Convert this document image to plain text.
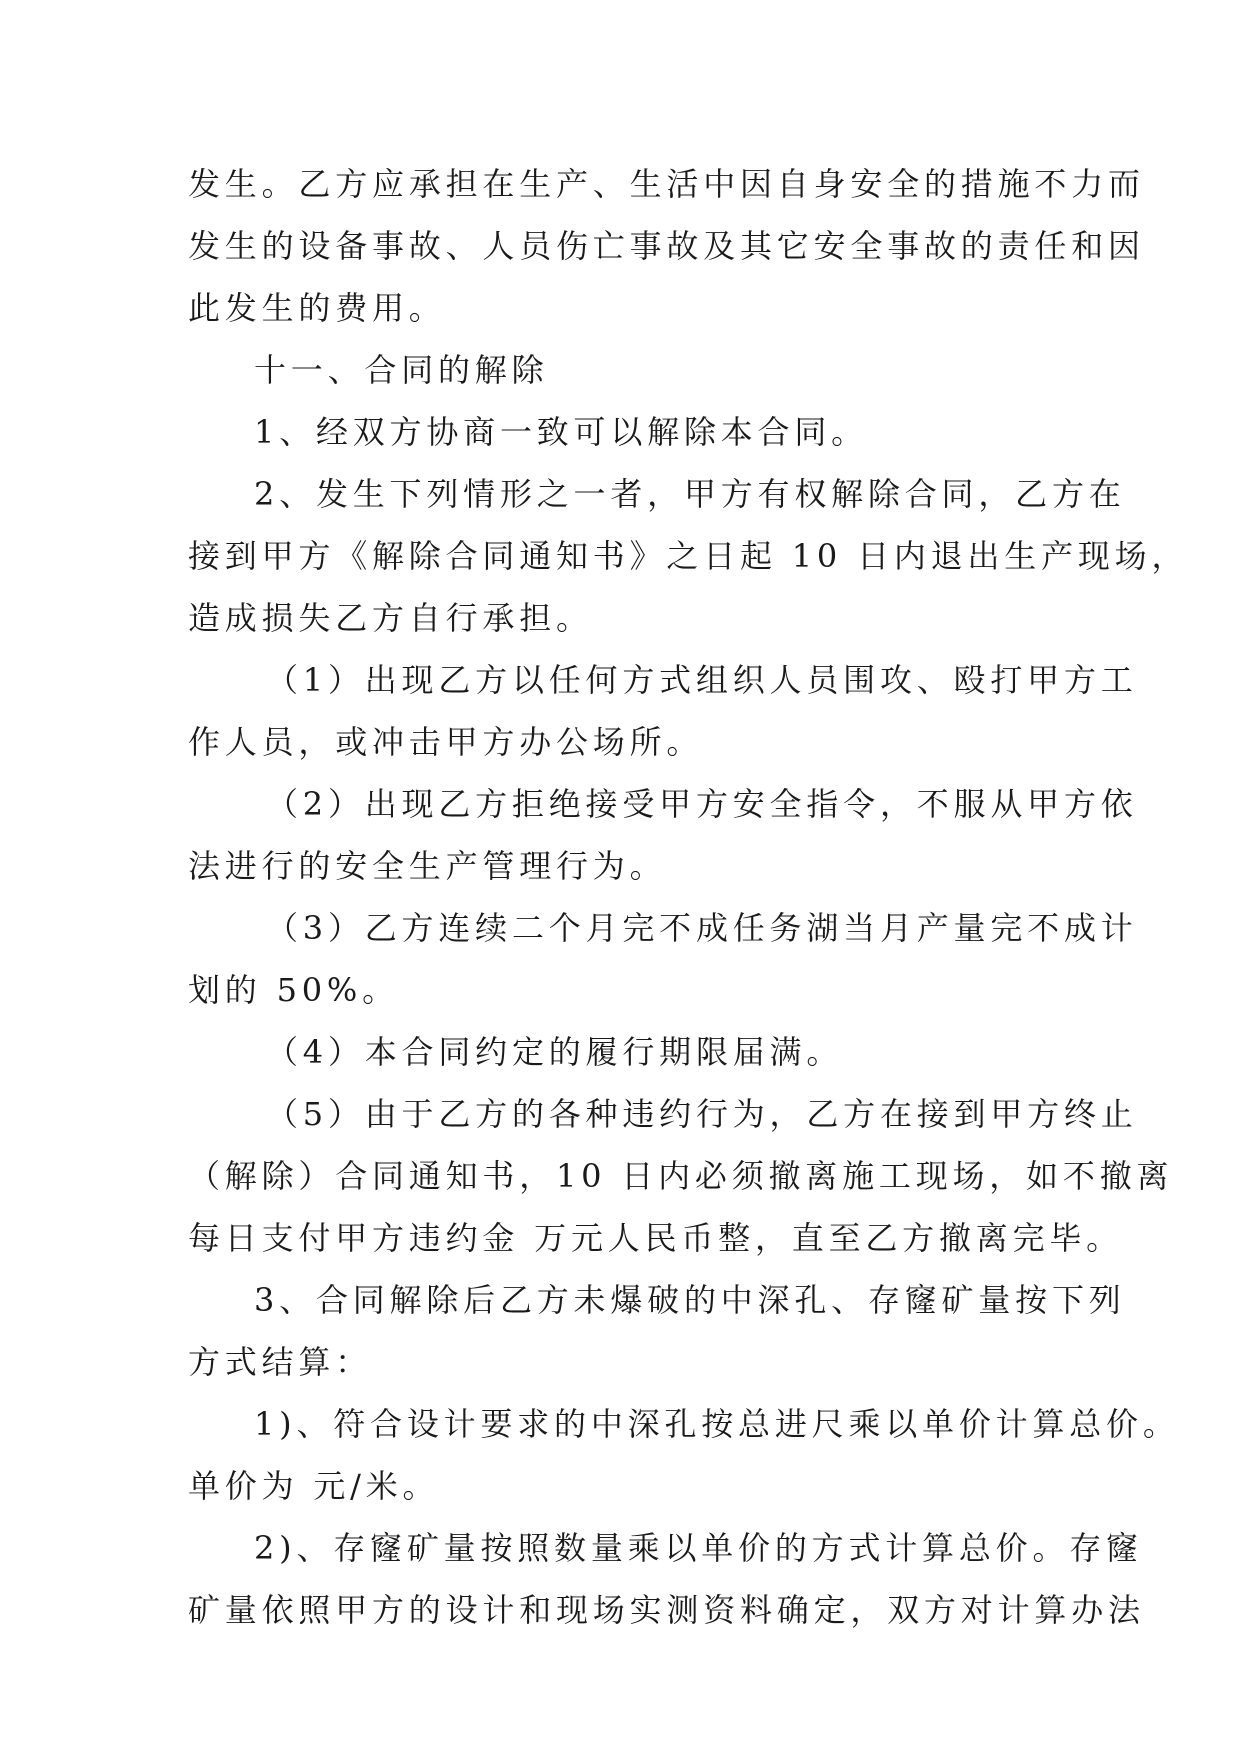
发生。乙方应承担在生产、生活中因自身安全的措施不力而
发生的设备事故、人员伤亡事故及其它安全事故的责任和因
此发生的费用。
十一、合同的解除
1、经双方协商一致可以解除本合同。
2、发生下列情形之一者，甲方有权解除合同，乙方在
接到甲方《解除合同通知书》之日起 10 日内退出生产现场，
造成损失乙方自行承担。
（1）出现乙方以任何方式组织人员围攻、殴打甲方工
作人员，或冲击甲方办公场所。
（2）出现乙方拒绝接受甲方安全指令，不服从甲方依
法进行的安全生产管理行为。
（3）乙方连续二个月完不成任务湖当月产量完不成计
划的 50%。
（4）本合同约定的履行期限届满。
（5）由于乙方的各种违约行为，乙方在接到甲方终止
（解除）合同通知书，10 日内必须撤离施工现场，如不撤离
每日支付甲方违约金 万元人民币整，直至乙方撤离完毕。
3、合同解除后乙方未爆破的中深孔、存窿矿量按下列
方式结算：
1)、符合设计要求的中深孔按总进尺乘以单价计算总价。
单价为 元/米。
2)、存窿矿量按照数量乘以单价的方式计算总价。存窿
矿量依照甲方的设计和现场实测资料确定，双方对计算办法
